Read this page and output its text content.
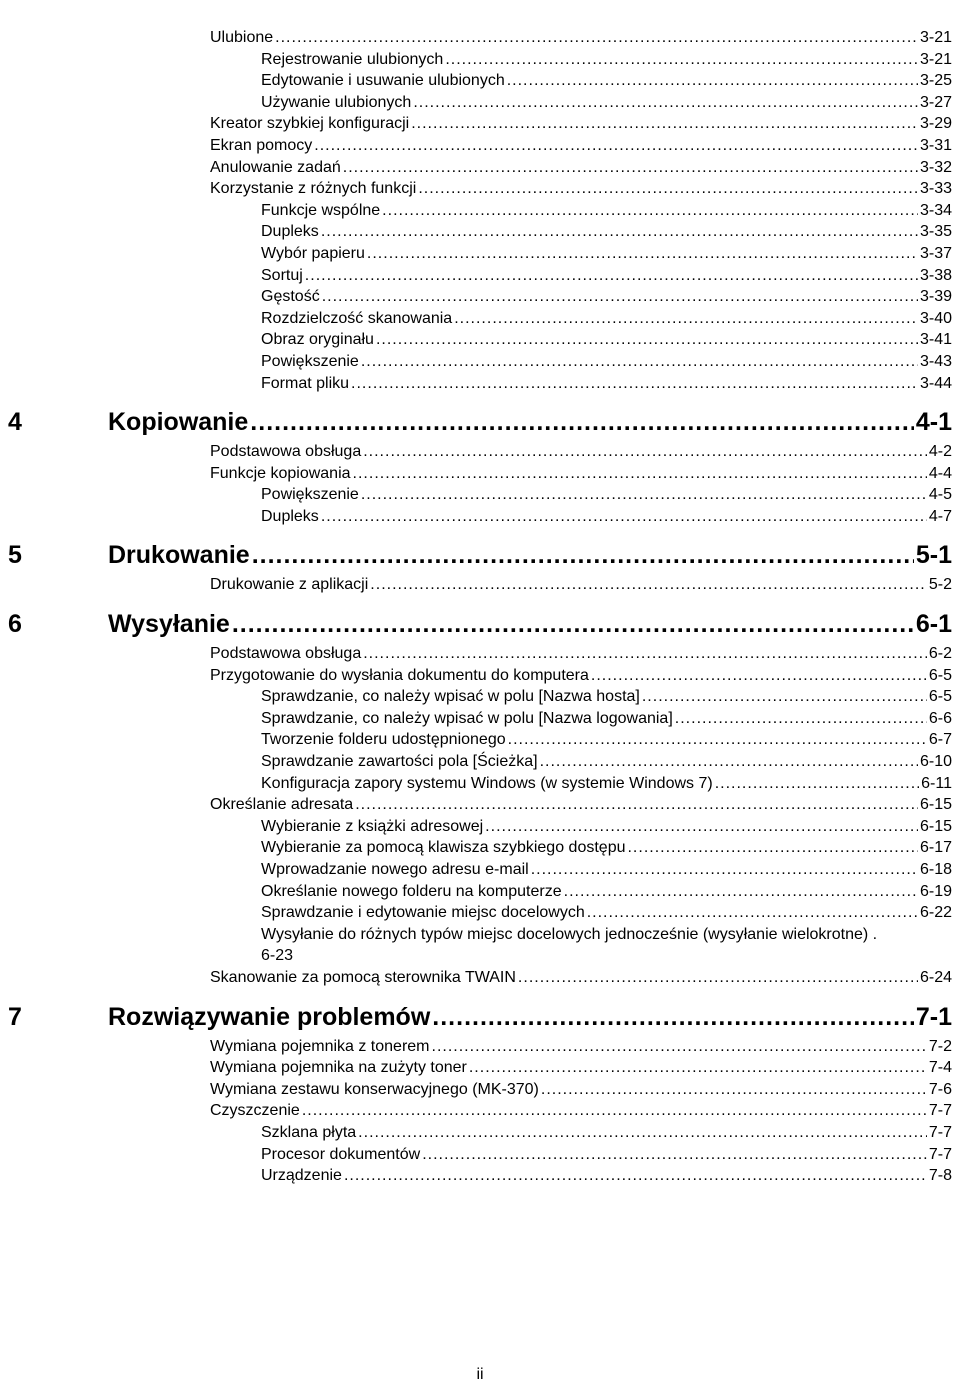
Ulubione .....	3-21
Rejestrowanie ulubionych .....	3-21
Edytowanie i usuwanie ulubionych .....	3-25
Używanie ulubionych .....	3-27
Kreator szybkiej konfiguracji .....	3-29
Ekran pomocy .....	3-31
Anulowanie zadań .....	3-32
Korzystanie z różnych funkcji .....	3-33
Funkcje wspólne .....	3-34
Dupleks .....	3-35
Wybór papieru .....	3-37
Sortuj .....	3-38
Gęstość .....	3-39
Rozdzielczość skanowania .....	3-40
Obraz oryginału .....	3-41
Powiększenie .....	3-43
Format pliku .....	3-44
4	Kopiowanie .....	4-1
Podstawowa obsługa .....	4-2
Funkcje kopiowania .....	4-4
Powiększenie .....	4-5
Dupleks .....	4-7
5	Drukowanie .....	5-1
Drukowanie z aplikacji .....	5-2
6	Wysyłanie .....	6-1
Podstawowa obsługa .....	6-2
Przygotowanie do wysłania dokumentu do komputera .....	6-5
Sprawdzanie, co należy wpisać w polu [Nazwa hosta] .....	6-5
Sprawdzanie, co należy wpisać w polu [Nazwa logowania] .....	6-6
Tworzenie folderu udostępnionego .....	6-7
Sprawdzanie zawartości pola [Ścieżka] .....	6-10
Konfiguracja zapory systemu Windows (w systemie Windows 7) .....	6-11
Określanie adresata .....	6-15
Wybieranie z książki adresowej .....	6-15
Wybieranie za pomocą klawisza szybkiego dostępu .....	6-17
Wprowadzanie nowego adresu e-mail .....	6-18
Określanie nowego folderu na komputerze .....	6-19
Sprawdzanie i edytowanie miejsc docelowych .....	6-22
Wysyłanie do różnych typów miejsc docelowych jednocześnie (wysyłanie wielokrotne) .
6-23
Skanowanie za pomocą sterownika TWAIN .....	6-24
7	Rozwiązywanie problemów .....	7-1
Wymiana pojemnika z tonerem .....	7-2
Wymiana pojemnika na zużyty toner .....	7-4
Wymiana zestawu konserwacyjnego (MK-370) .....	7-6
Czyszczenie .....	7-7
Szklana płyta .....	7-7
Procesor dokumentów .....	7-7
Urządzenie .....	7-8
ii
